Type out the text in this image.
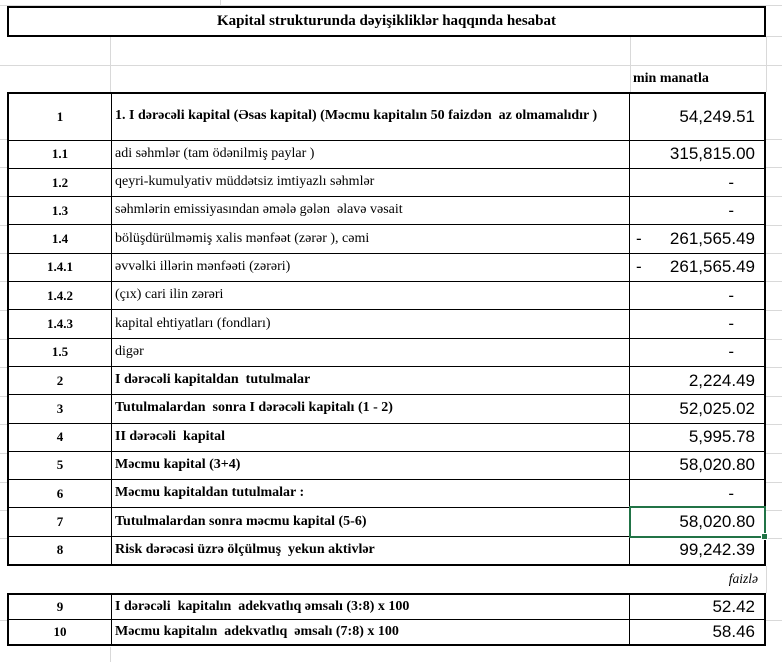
Kapital strukturunda dəyişikliklər haqqında hesabat
min manatla
1	1. I dərəcəli kapital (Əsas kapital) (Məcmu kapitalın 50 faizdən  az olmamalıdır )	54,249.51
1.1	adi səhmlər (tam ödənilmiş paylar )	315,815.00
1.2	qeyri-kumulyativ müddətsiz imtiyazlı səhmlər	-
1.3	səhmlərin emissiyasından əmələ gələn  əlavə vəsait	-
1.4	bölüşdürülməmiş xalis mənfəət (zərər ), cəmi	- 261,565.49
1.4.1	əvvəlki illərin mənfəəti (zərəri)	- 261,565.49
1.4.2	(çıx) cari ilin zərəri	-
1.4.3	kapital ehtiyatları (fondları)	-
1.5	digər	-
2	I dərəcəli kapitaldan  tutulmalar	2,224.49
3	Tutulmalardan  sonra I dərəcəli kapitalı (1 - 2)	52,025.02
4	II dərəcəli  kapital	5,995.78
5	Məcmu kapital (3+4)	58,020.80
6	Məcmu kapitaldan tutulmalar :	-
7	Tutulmalardan sonra məcmu kapital (5-6)	58,020.80
8	Risk dərəcəsi üzrə ölçülmuş  yekun aktivlər	99,242.39
faizlə
9	I dərəcəli  kapitalın  adekvatlıq əmsalı (3:8) x 100	52.42
10	Məcmu kapitalın  adekvatlıq  əmsalı (7:8) x 100	58.46
